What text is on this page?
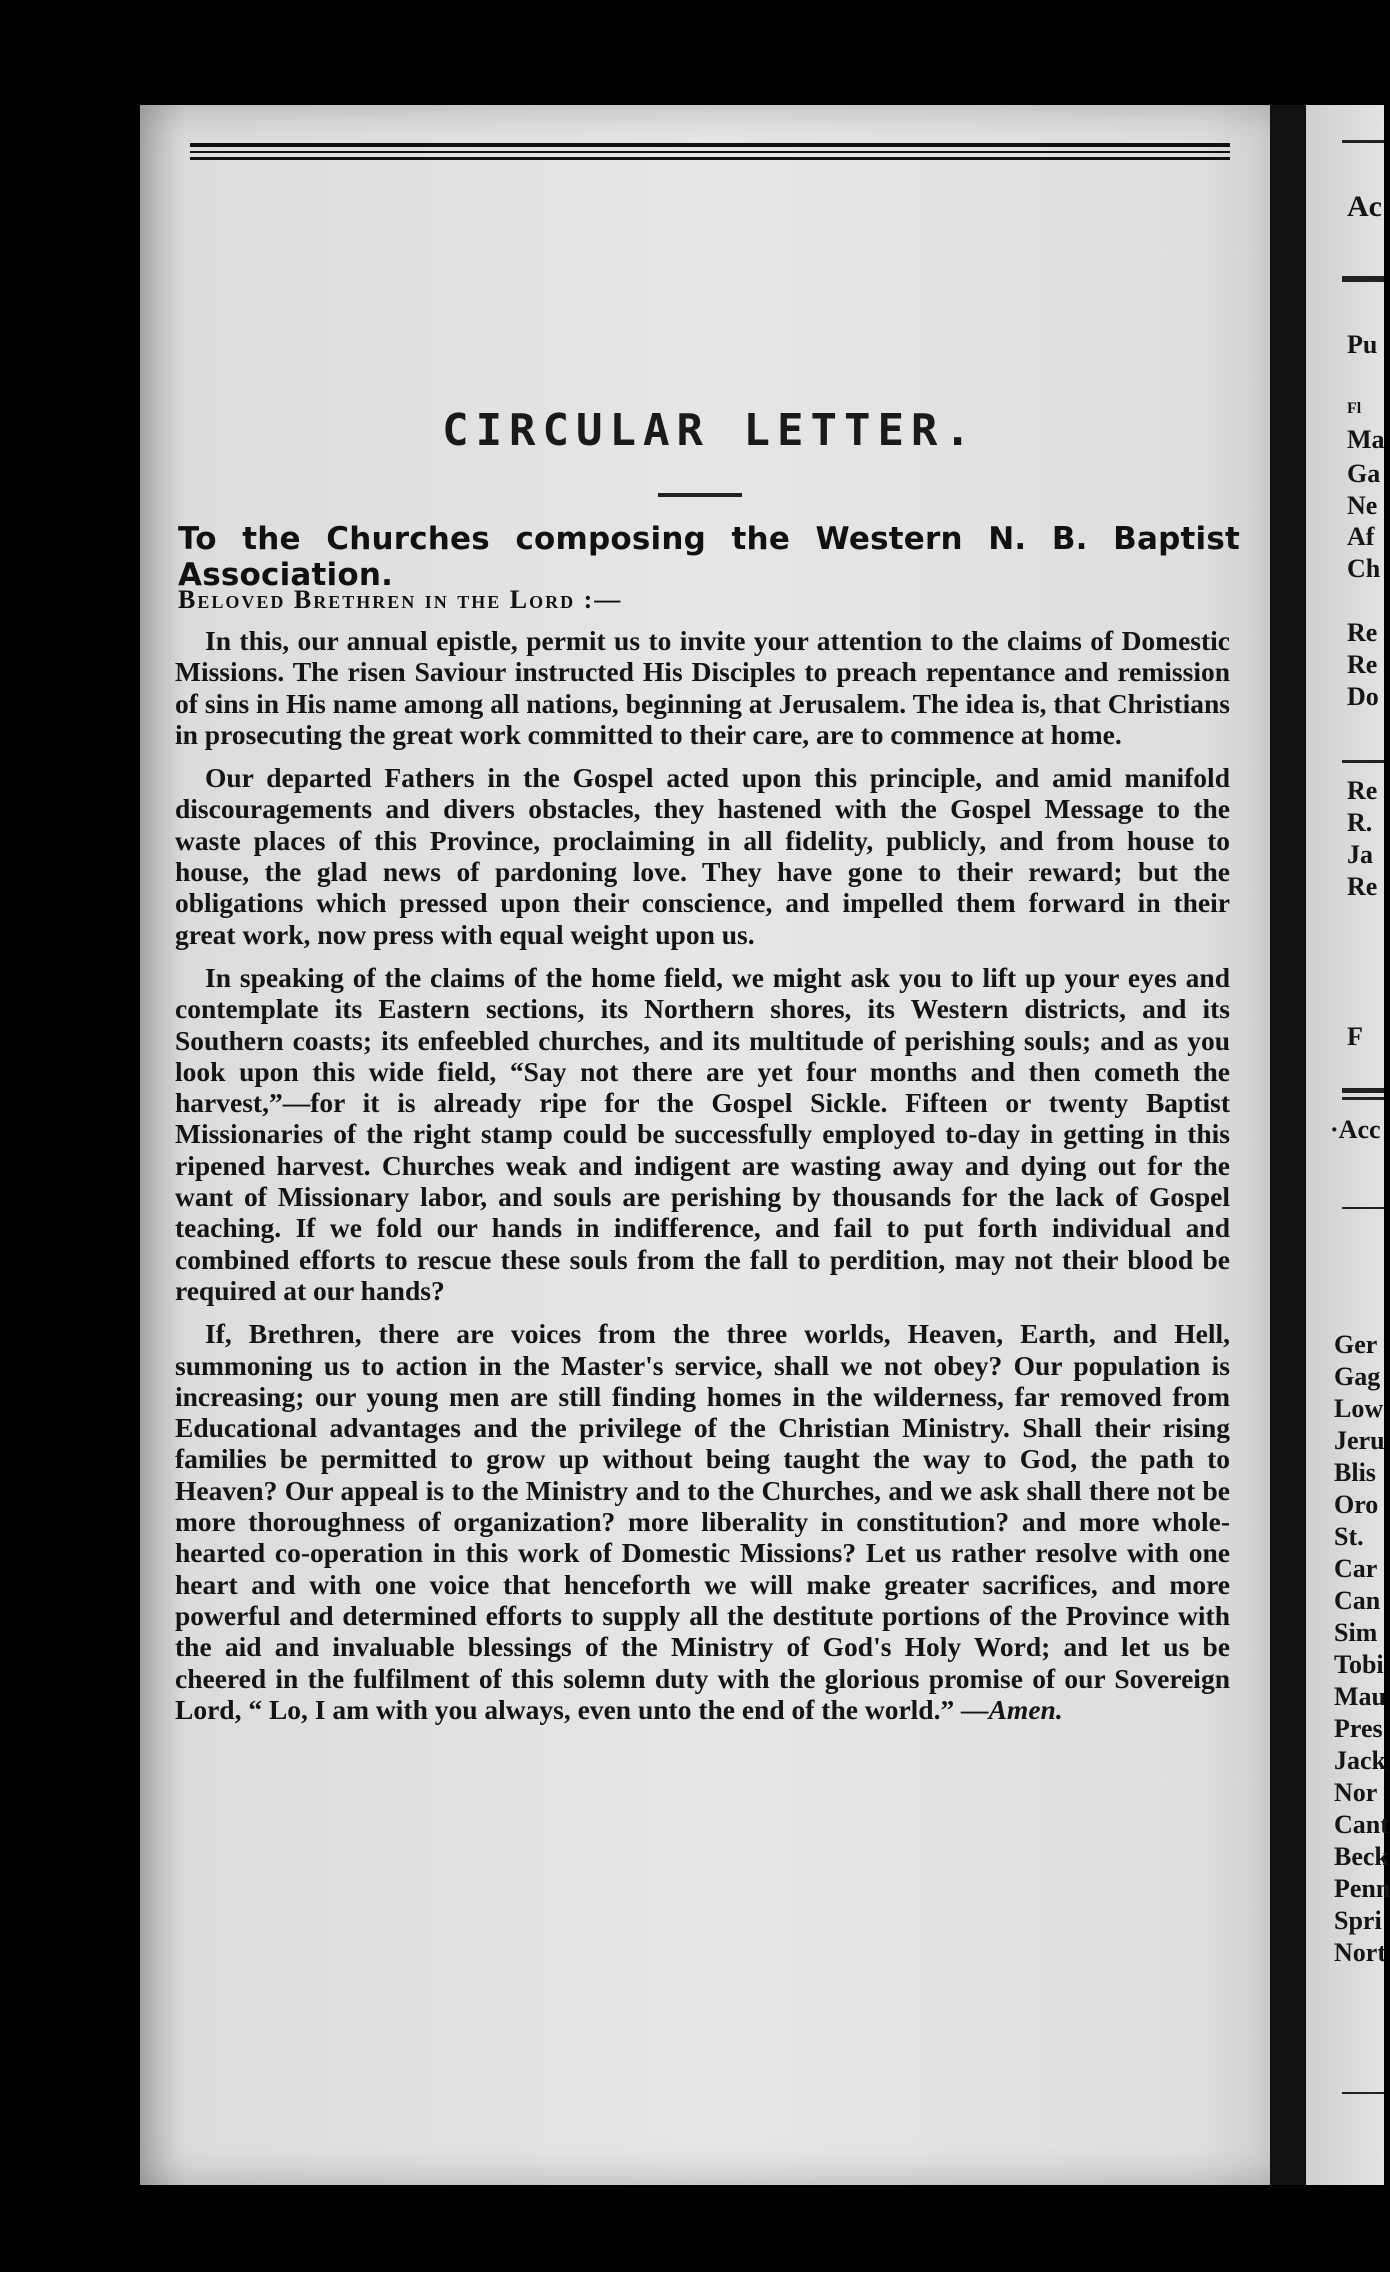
CIRCULAR LETTER.
To the Churches composing the Western N. B. Baptist Association.
Beloved Brethren in the Lord :—

In this, our annual epistle, permit us to invite your attention to the claims of Domestic Missions. The risen Saviour instructed His Disciples to preach repentance and remission of sins in His name among all nations, beginning at Jerusalem. The idea is, that Christians in prosecuting the great work committed to their care, are to commence at home.

Our departed Fathers in the Gospel acted upon this principle, and amid manifold discouragements and divers obstacles, they hastened with the Gospel Message to the waste places of this Province, proclaiming in all fidelity, publicly, and from house to house, the glad news of pardoning love. They have gone to their reward; but the obligations which pressed upon their conscience, and impelled them forward in their great work, now press with equal weight upon us.

In speaking of the claims of the home field, we might ask you to lift up your eyes and contemplate its Eastern sections, its Northern shores, its Western districts, and its Southern coasts; its enfeebled churches, and its multitude of perishing souls; and as you look upon this wide field, “Say not there are yet four months and then cometh the harvest,”—for it is already ripe for the Gospel Sickle. Fifteen or twenty Baptist Missionaries of the right stamp could be successfully employed to-day in getting in this ripened harvest. Churches weak and indigent are wasting away and dying out for the want of Missionary labor, and souls are perishing by thousands for the lack of Gospel teaching. If we fold our hands in indifference, and fail to put forth individual and combined efforts to rescue these souls from the fall to perdition, may not their blood be required at our hands?

If, Brethren, there are voices from the three worlds, Heaven, Earth, and Hell, summoning us to action in the Master's service, shall we not obey? Our population is increasing; our young men are still finding homes in the wilderness, far removed from Educational advantages and the privilege of the Christian Ministry. Shall their rising families be permitted to grow up without being taught the way to God, the path to Heaven? Our appeal is to the Ministry and to the Churches, and we ask shall there not be more thoroughness of organization? more liberality in constitution? and more whole-hearted co-operation in this work of Domestic Missions? Let us rather resolve with one heart and with one voice that henceforth we will make greater sacrifices, and more powerful and determined efforts to supply all the destitute portions of the Province with the aid and invaluable blessings of the Ministry of God's Holy Word; and let us be cheered in the fulfilment of this solemn duty with the glorious promise of our Sovereign Lord, “ Lo, I am with you always, even unto the end of the world.” —Amen.

Ac
Pu
Fl
Ma
Ga
Ne
Af
Ch
Re
Re
Do
Re
R.
Ja
Re
F
·Acc
Ger
Gag
Low
Jeru
Blis
Oro
St.
Car
Can
Sim
Tobi
Mau
Pres
Jack
Nor
Cant
Beck
Penn
Spri
Nort
